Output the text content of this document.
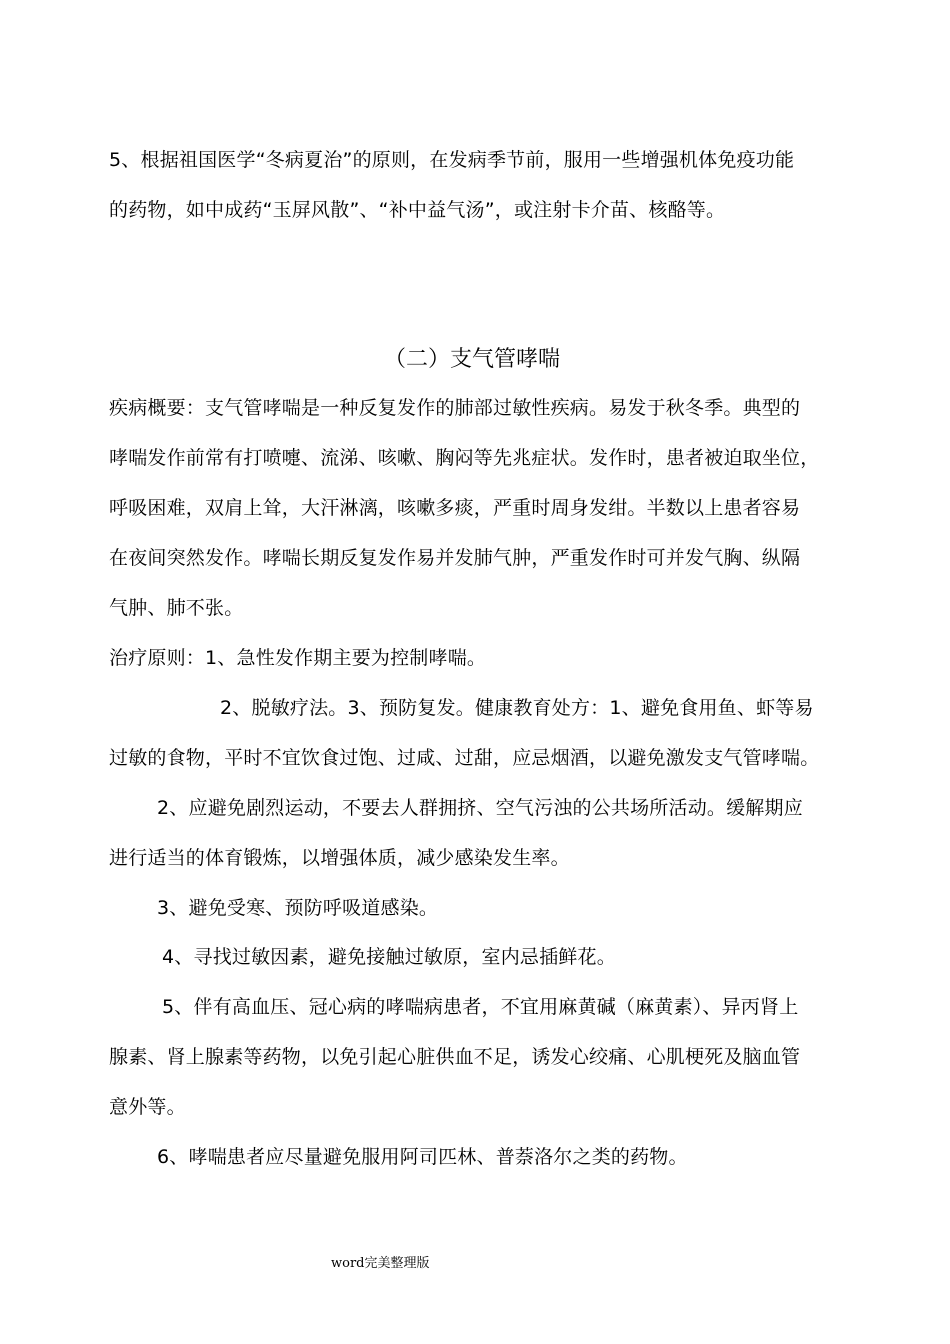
5、根据祖国医学“冬病夏治”的原则，在发病季节前，服用一些增强机体免疫功能
的药物，如中成药“玉屏风散”、“补中益气汤”，或注射卡介苗、核酪等。
（二）支气管哮喘
疾病概要：支气管哮喘是一种反复发作的肺部过敏性疾病。易发于秋冬季。典型的
哮喘发作前常有打喷嚏、流涕、咳嗽、胸闷等先兆症状。发作时，患者被迫取坐位，
呼吸困难，双肩上耸，大汗淋漓，咳嗽多痰，严重时周身发绀。半数以上患者容易
在夜间突然发作。哮喘长期反复发作易并发肺气肿，严重发作时可并发气胸、纵隔
气肿、肺不张。
治疗原则：1、急性发作期主要为控制哮喘。
2、脱敏疗法。3、预防复发。健康教育处方：1、避免食用鱼、虾等易
过敏的食物，平时不宜饮食过饱、过咸、过甜，应忌烟酒，以避免激发支气管哮喘。
2、应避免剧烈运动，不要去人群拥挤、空气污浊的公共场所活动。缓解期应
进行适当的体育锻炼，以增强体质，减少感染发生率。
3、避免受寒、预防呼吸道感染。
4、寻找过敏因素，避免接触过敏原，室内忌插鲜花。
5、伴有高血压、冠心病的哮喘病患者，不宜用麻黄碱（麻黄素）、异丙肾上
腺素、肾上腺素等药物，以免引起心脏供血不足，诱发心绞痛、心肌梗死及脑血管
意外等。
6、哮喘患者应尽量避免服用阿司匹林、普萘洛尔之类的药物。
word完美整理版
